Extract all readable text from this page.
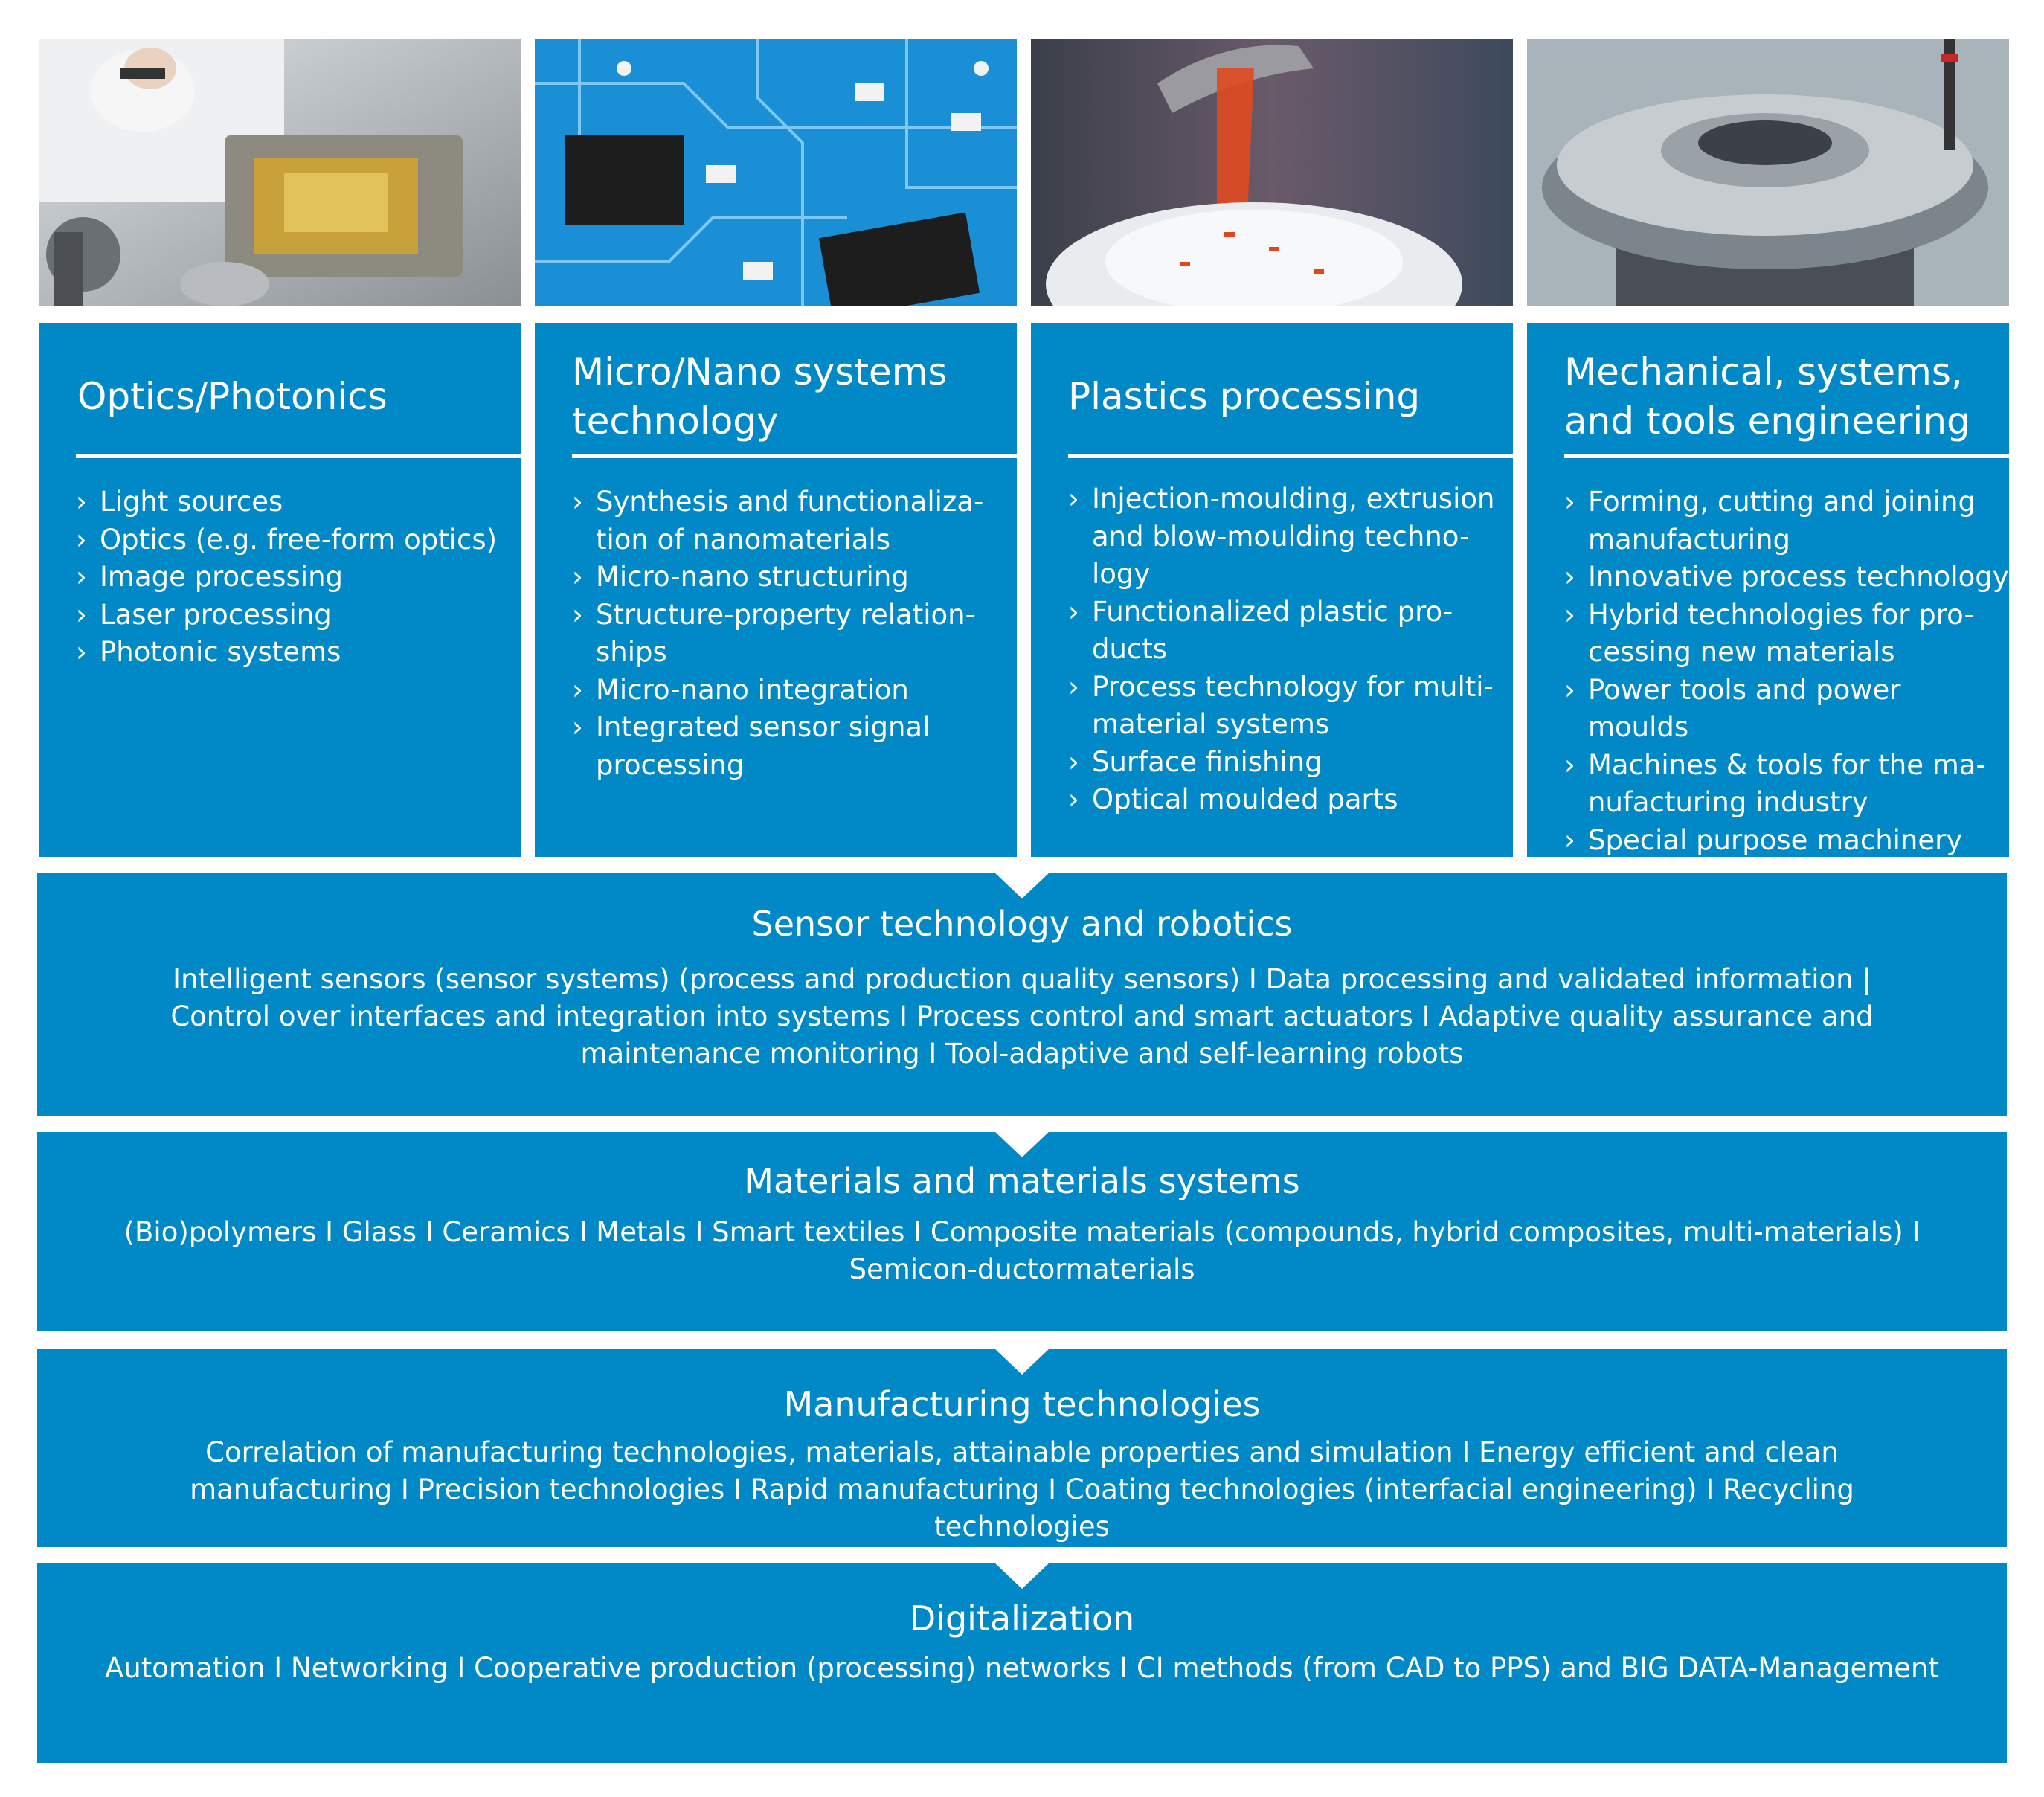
Optics/Photonics
› Light sources
› Optics (e.g. free-form optics)
› Image processing
› Laser processing
› Photonic systems
Micro/Nano systems technology
› Synthesis and functionaliza-tion of nanomaterials
› Micro-nano structuring
› Structure-property relation-ships
› Micro-nano integration
› Integrated sensor signal processing
Plastics processing
› Injection-moulding, extrusion and blow-moulding techno-logy
› Functionalized plastic pro-ducts
› Process technology for multi-material systems
› Surface finishing
› Optical moulded parts
Mechanical, systems, and tools engineering
› Forming, cutting and joining manufacturing
› Innovative process technology
› Hybrid technologies for pro-cessing new materials
› Power tools and power moulds
› Machines & tools for the ma-nufacturing industry
› Special purpose machinery
Sensor technology and robotics
Intelligent sensors (sensor systems) (process and production quality sensors) I Data processing and validated information | Control over interfaces and integration into systems I Process control and smart actuators I Adaptive quality assurance and maintenance monitoring I Tool-adaptive and self-learning robots
Materials and materials systems
(Bio)polymers I Glass I Ceramics I Metals I Smart textiles I Composite materials (compounds, hybrid composites, multi-materials) I Semicon-ductormaterials
Manufacturing technologies
Correlation of manufacturing technologies, materials, attainable properties and simulation I Energy efficient and clean manufacturing I Precision technologies I Rapid manufacturing I Coating technologies (interfacial engineering) I Recycling technologies
Digitalization
Automation I Networking I Cooperative production (processing) networks I CI methods (from CAD to PPS) and BIG DATA-Management
